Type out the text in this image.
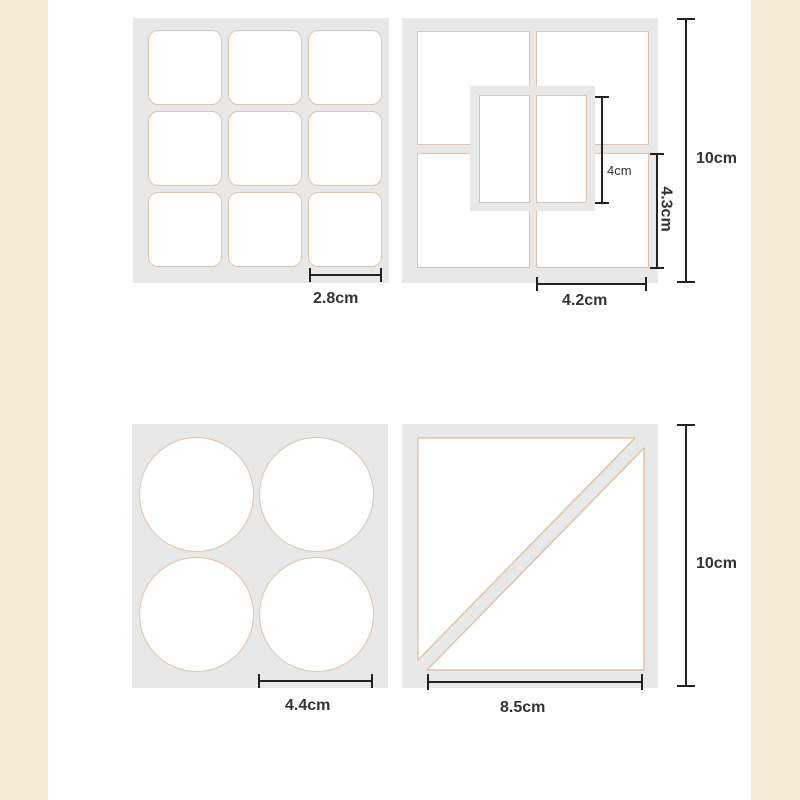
2.8cm
4cm
4.3cm
4.2cm
10cm
4.4cm	8.5cm
10cm
